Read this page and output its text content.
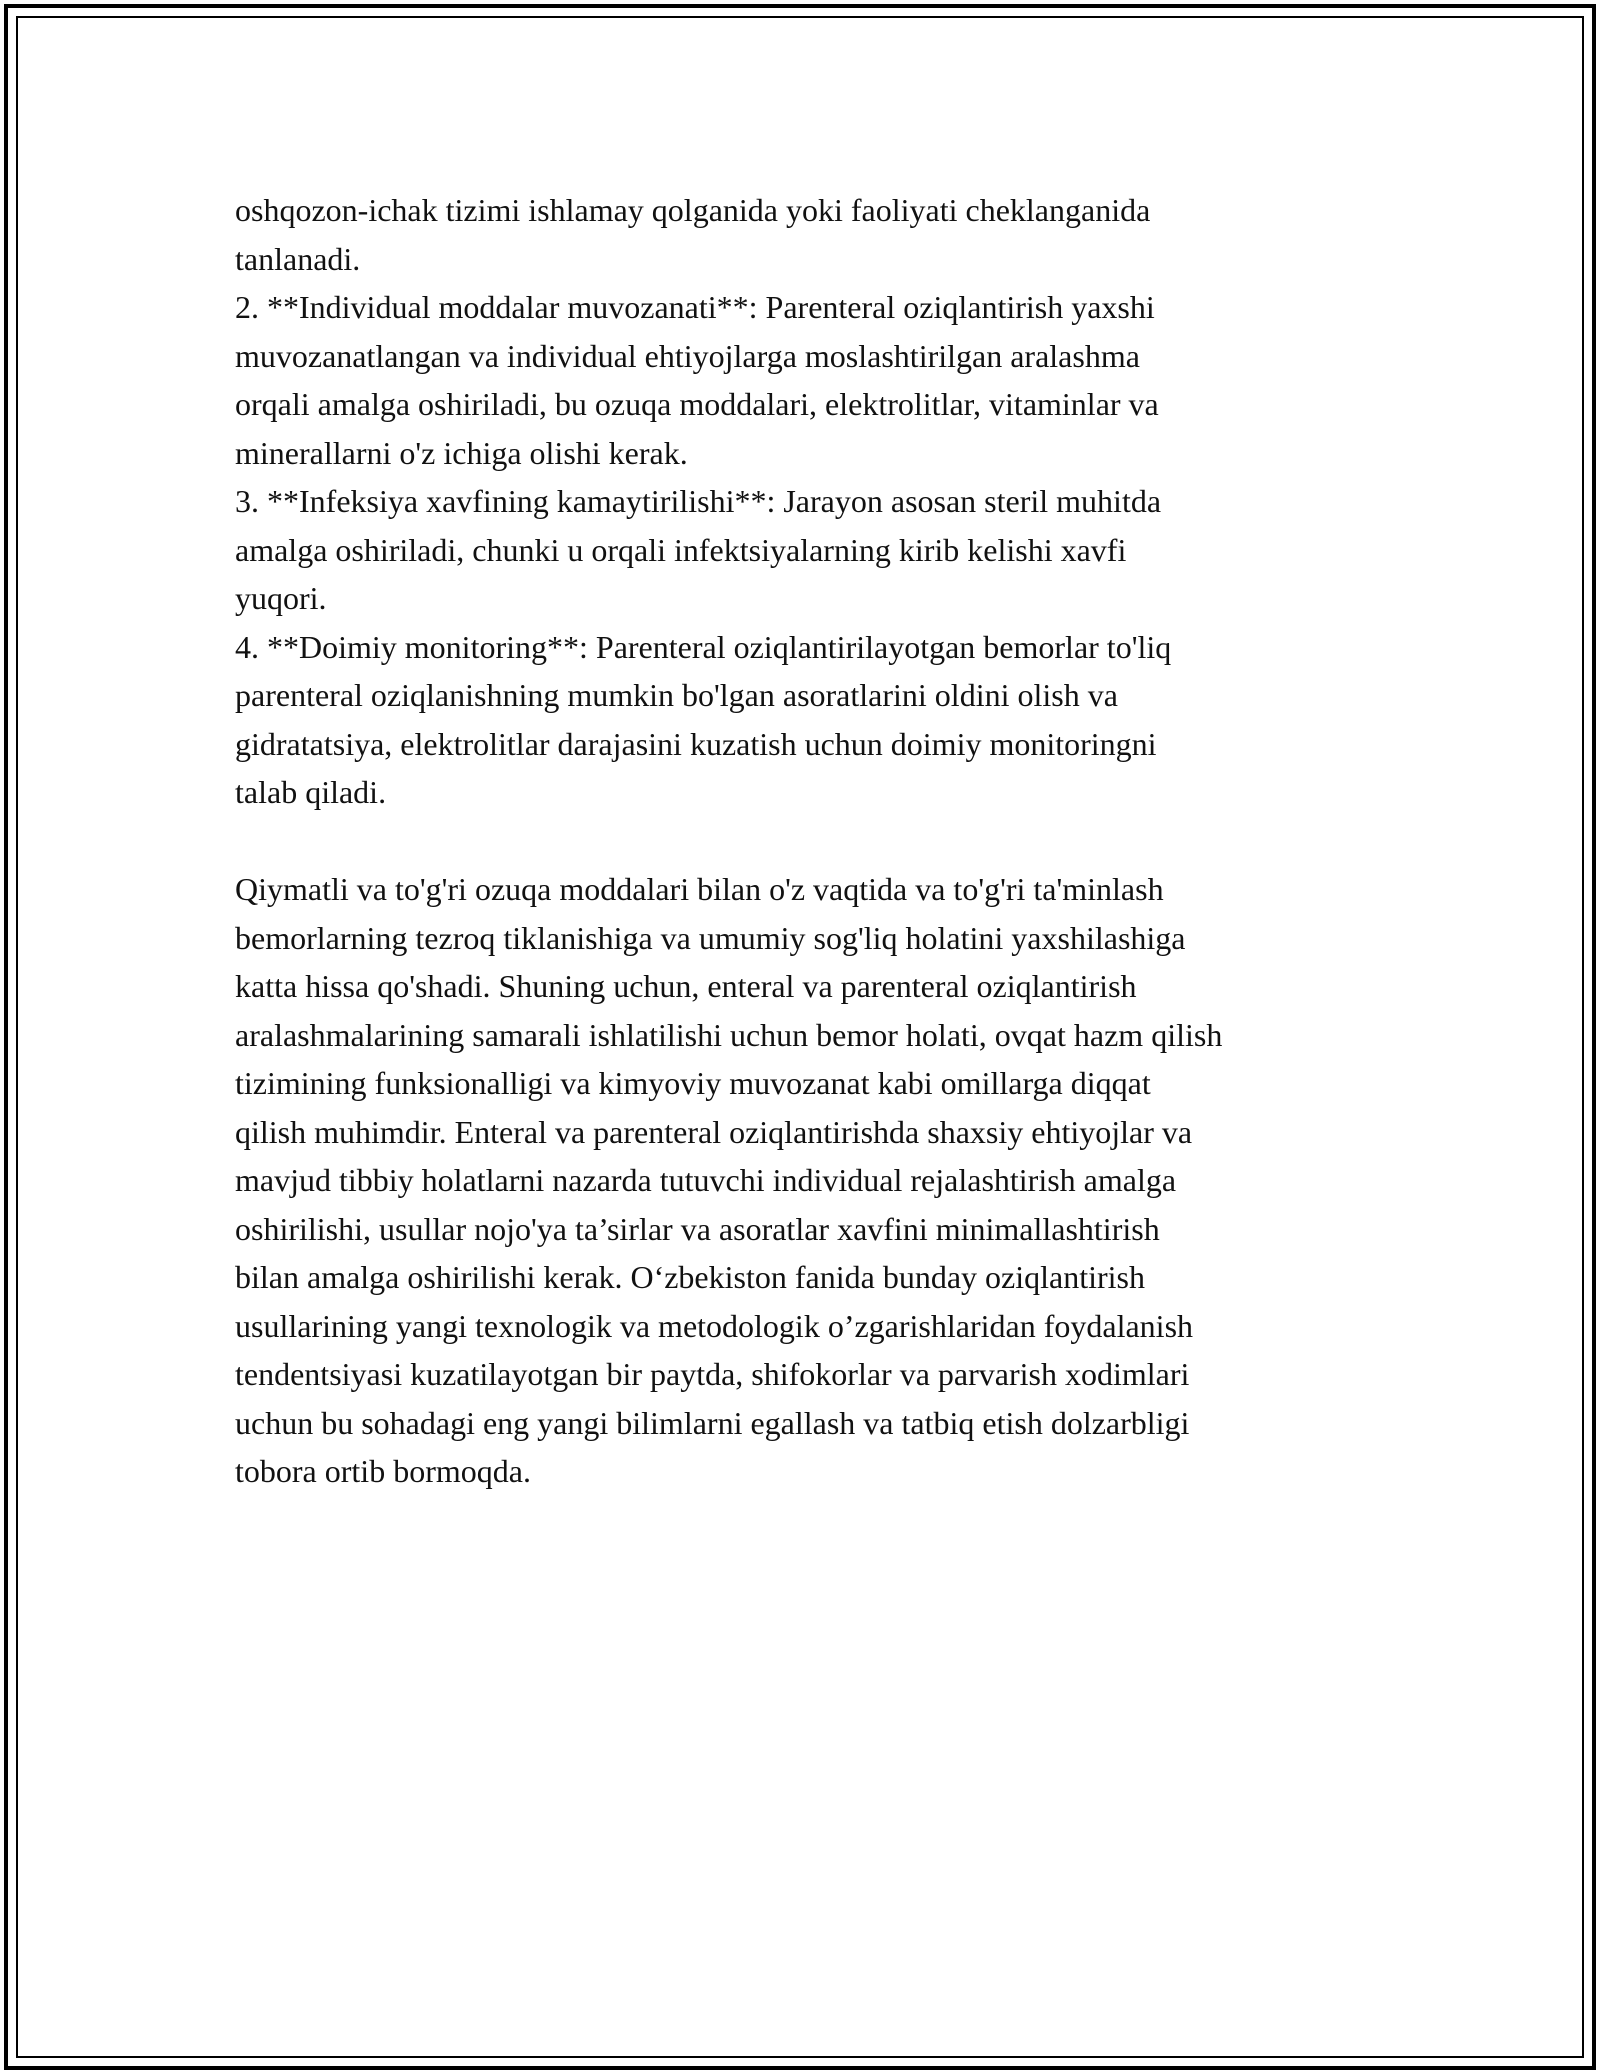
oshqozon-ichak tizimi ishlamay qolganida yoki faoliyati cheklanganida
tanlanadi.
2. **Individual moddalar muvozanati**: Parenteral oziqlantirish yaxshi
muvozanatlangan va individual ehtiyojlarga moslashtirilgan aralashma
orqali amalga oshiriladi, bu ozuqa moddalari, elektrolitlar, vitaminlar va
minerallarni o'z ichiga olishi kerak.
3. **Infeksiya xavfining kamaytirilishi**: Jarayon asosan steril muhitda
amalga oshiriladi, chunki u orqali infektsiyalarning kirib kelishi xavfi
yuqori.
4. **Doimiy monitoring**: Parenteral oziqlantirilayotgan bemorlar to'liq
parenteral oziqlanishning mumkin bo'lgan asoratlarini oldini olish va
gidratatsiya, elektrolitlar darajasini kuzatish uchun doimiy monitoringni
talab qiladi.
Qiymatli va to'g'ri ozuqa moddalari bilan o'z vaqtida va to'g'ri ta'minlash
bemorlarning tezroq tiklanishiga va umumiy sog'liq holatini yaxshilashiga
katta hissa qo'shadi. Shuning uchun, enteral va parenteral oziqlantirish
aralashmalarining samarali ishlatilishi uchun bemor holati, ovqat hazm qilish
tizimining funksionalligi va kimyoviy muvozanat kabi omillarga diqqat
qilish muhimdir. Enteral va parenteral oziqlantirishda shaxsiy ehtiyojlar va
mavjud tibbiy holatlarni nazarda tutuvchi individual rejalashtirish amalga
oshirilishi, usullar nojo'ya ta’sirlar va asoratlar xavfini minimallashtirish
bilan amalga oshirilishi kerak. O‘zbekiston fanida bunday oziqlantirish
usullarining yangi texnologik va metodologik o’zgarishlaridan foydalanish
tendentsiyasi kuzatilayotgan bir paytda, shifokorlar va parvarish xodimlari
uchun bu sohadagi eng yangi bilimlarni egallash va tatbiq etish dolzarbligi
tobora ortib bormoqda.
